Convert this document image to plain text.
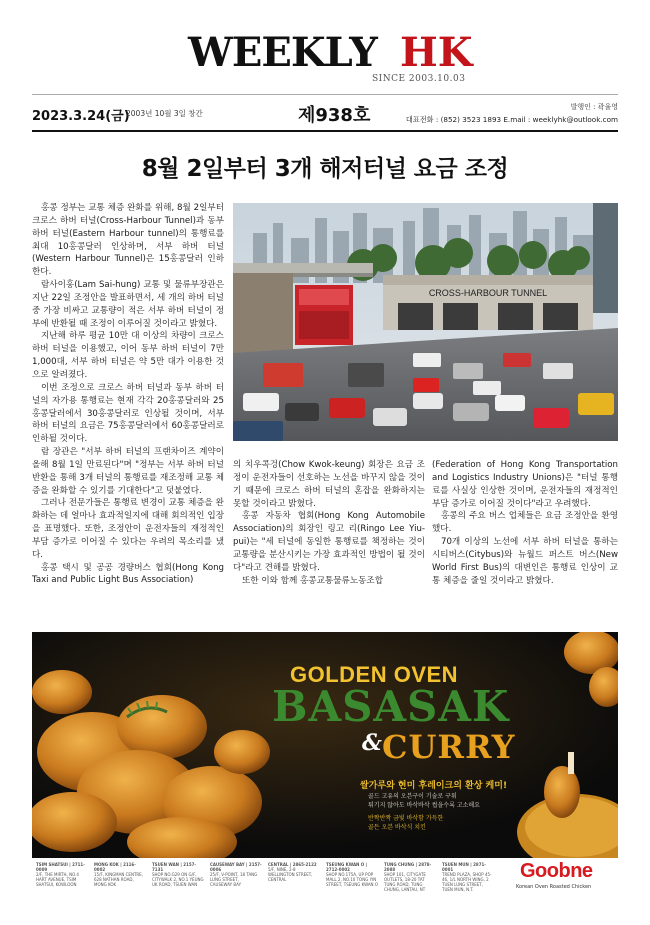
WEEKLY HK
SINCE 2003.10.03
2023.3.24(금)
2003년 10월 3일 창간	제938호	발행인 : 곽율영
대표전화 : (852) 3523 1893 E.mail : weeklyhk@outlook.com
8월 2일부터 3개 해저터널 요금 조정

홍콩 정부는 교통 체증 완화를 위해, 8월 2일부터 크로스 하버 터널(Cross-Harbour Tunnel)과 동부 하버 터널(Eastern Harbour tunnel)의 통행료를 최대 10홍콩달러 인상하며, 서부 하버 터널(Western Harbour Tunnel)은 15홍콩달러 인하한다.

람사이훙(Lam Sai-hung) 교통 및 물류부장관은 지난 22일 조정안을 발표하면서, 세 개의 하버 터널 중 가장 비싸고 교통량이 적은 서부 하버 터널이 정부에 반환될 때 조정이 이루어질 것이라고 밝혔다.

지난해 하루 평균 10만 대 이상의 차량이 크로스하버 터널을 이용했고, 이어 동부 하버 터널이 7만 1,000대, 서부 하버 터널은 약 5만 대가 이용한 것으로 알려졌다.

이번 조정으로 크로스 하버 터널과 동부 하버 터널의 자가용 통행료는 현재 각각 20홍콩달러와 25홍콩달러에서 30홍콩달러로 인상될 것이며, 서부 하버 터널의 요금은 75홍콩달러에서 60홍콩달러로 인하될 것이다.

람 장관은 "서부 하버 터널의 프랜차이즈 계약이 올해 8월 1일 만료된다"며 "정부는 서부 하버 터널 반환을 통해 3개 터널의 통행료를 재조정해 교통 체증을 완화할 수 있기를 기대한다"고 덧붙였다.

그러나 전문가들은 통행료 변경이 교통 체증을 완화하는 데 얼마나 효과적일지에 대해 회의적인 입장을 표명했다. 또한, 조정안이 운전자들의 재정적인 부담 증가로 이어질 수 있다는 우려의 목소리를 냈다.

홍콩 택시 및 공공 경량버스 협회(Hong Kong Taxi and Public Light Bus Association)

CROSS-HARBOUR TUNNEL

의 치우콕겅(Chow Kwok-keung) 회장은 요금 조정이 운전자들이 선호하는 노선을 바꾸지 않을 것이기 때문에 크로스 하버 터널의 혼잡을 완화하지는 못할 것이라고 밝혔다.

홍콩 자동차 협회(Hong Kong Automobile Association)의 회장인 링고 리(Ringo Lee Yiu-pui)는 "세 터널에 동일한 통행료를 책정하는 것이 교통량을 분산시키는 가장 효과적인 방법이 될 것이다"라고 견해를 밝혔다.

또한 이와 함께 홍콩교통물류노동조합

(Federation of Hong Kong Transportation and Logistics Industry Unions)은 "터널 통행료를 사실상 인상한 것이며, 운전자들의 재정적인 부담 증가로 이어질 것이다"라고 우려했다.

홍콩의 주요 버스 업체들은 요금 조정안을 환영했다.

70개 이상의 노선에 서부 하버 터널을 통하는 시티버스(Citybus)와 뉴월드 퍼스트 버스(New World First Bus)의 대변인은 통행료 인상이 교통 체증을 줄일 것이라고 밝혔다.

GOLDEN OVEN
BASASAK
& CURRY
쌀가루와 현미 후레이크의 환상 케미!
골드 고유의 오븐구이 기술로 구워
튀기지 않아도 바삭바삭 썹을수록 고소해요
반짝반짝 금빛 바삭함 가득한
골든 오븐 바삭식 치킨
TSIM SHATSUI | 2711-0009
2/F, THE MIRTH, NO.4 HART AVENUE, TSIM SHATSUI, KOWLOON
MONG KOK | 2116-0002
15/F, KINGMAN CENTRE, 628 NATHAN ROAD, MONG KOK
TSUEN WAN | 2157-7131
SHOP NO.G29 ON G/F, CITYWALK 2, NO.1 YEUNG UK ROAD, TSUEN WAN
CAUSEWAY BAY | 2157-0006
25/F, V-POINT, 18 TANG LUNG STREET, CAUSEWAY BAY
CENTRAL | 2865-2122
5/F, NINE, 2-8 WELLINGTON STREET, CENTRAL
TSEUNG KWAN O | 2712-0002
SHOP NO.175A, UP POP MALL 2, NO.10 TONG YIN STREET, TSEUNG KWAN O
TUNG CHUNG | 2878-2088
SHOP 101, CITYGATE OUTLETS, 18-20 TAT TUNG ROAD, TUNG CHUNG, LANTAU, NT
TSUEN MUN | 2871-0001
TREND PLAZA, SHOP 45-46, 1/L NORTH WING, 2 TUEN LUNG STREET, TUEN MUN, N.T.
Goobne
Korean Oven Roasted Chicken
